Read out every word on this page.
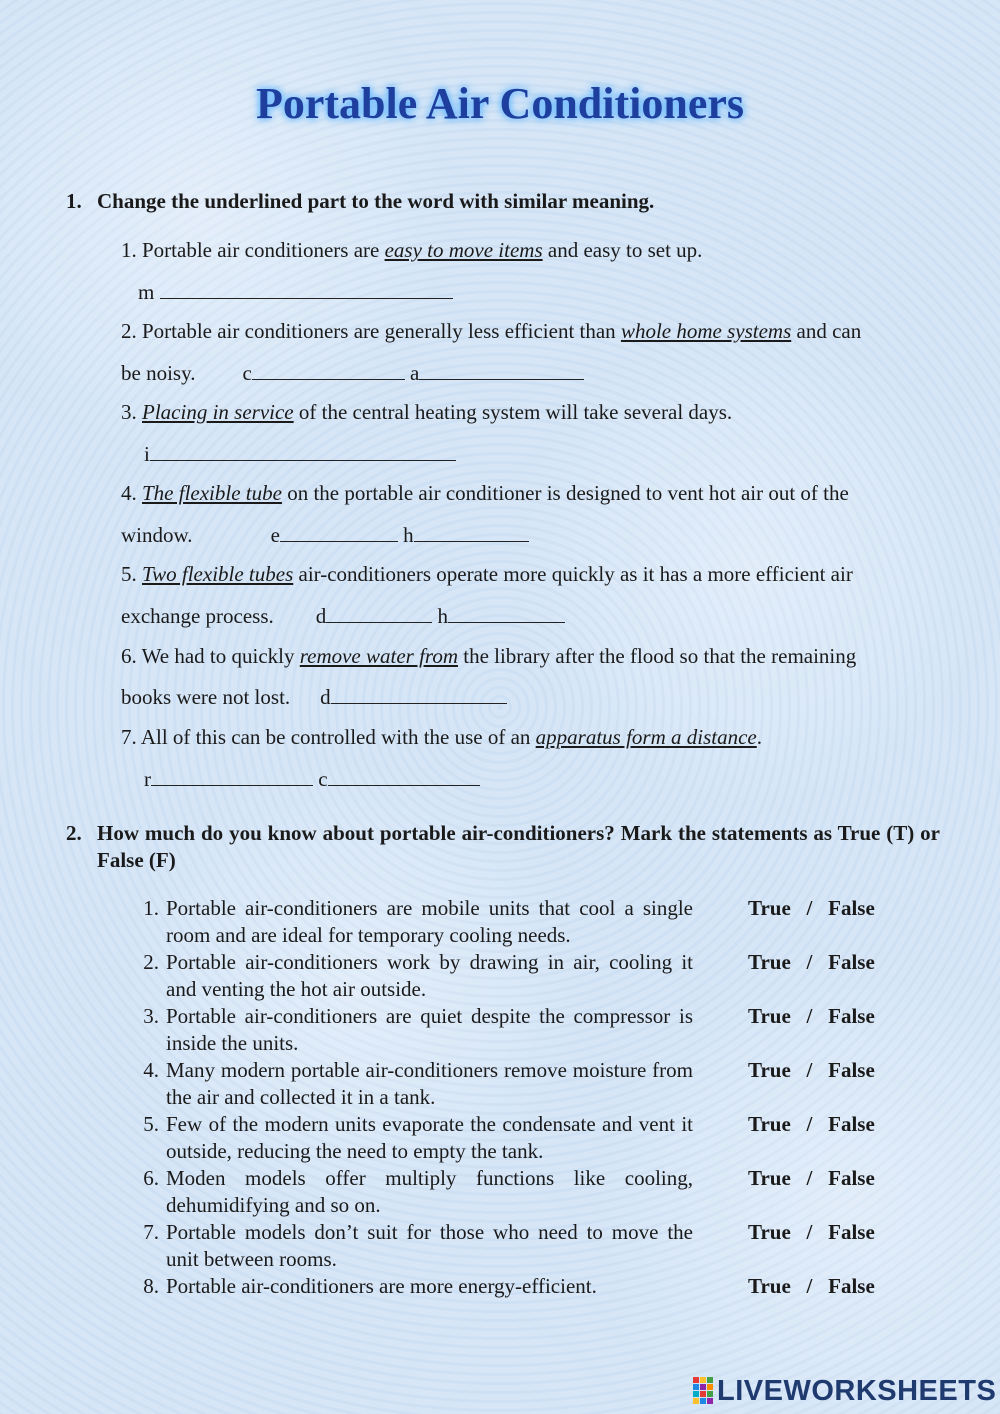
Portable Air Conditioners
1. Change the underlined part to the word with similar meaning.
1. Portable air conditioners are easy to move items and easy to set up.
m
2. Portable air conditioners are generally less efficient than whole home systems and can
be noisy. c	a
3. Placing in service of the central heating system will take several days.
i
4. The flexible tube on the portable air conditioner is designed to vent hot air out of the
window.	e	h
5. Two flexible tubes air-conditioners operate more quickly as it has a more efficient air
exchange process. d	h
6. We had to quickly remove water from the library after the flood so that the remaining
books were not lost. d
7. All of this can be controlled with the use of an apparatus form a distance.
r	c
2. How much do you know about portable air-conditioners? Mark the statements as True (T) or False (F)
1. Portable air-conditioners are mobile units that cool a single room and are ideal for temporary cooling needs.
True / False
2. Portable air-conditioners work by drawing in air, cooling it and venting the hot air outside.
True / False
3. Portable air-conditioners are quiet despite the compressor is inside the units.
True / False
4. Many modern portable air-conditioners remove moisture from the air and collected it in a tank.
True / False
5. Few of the modern units evaporate the condensate and vent it outside, reducing the need to empty the tank.
True / False
6. Moden models offer multiply functions like cooling, dehumidifying and so on.
True / False
7. Portable models don’t suit for those who need to move the unit between rooms.
True / False
8. Portable air-conditioners are more energy-efficient.	True / False
LIVEWORKSHEETS
